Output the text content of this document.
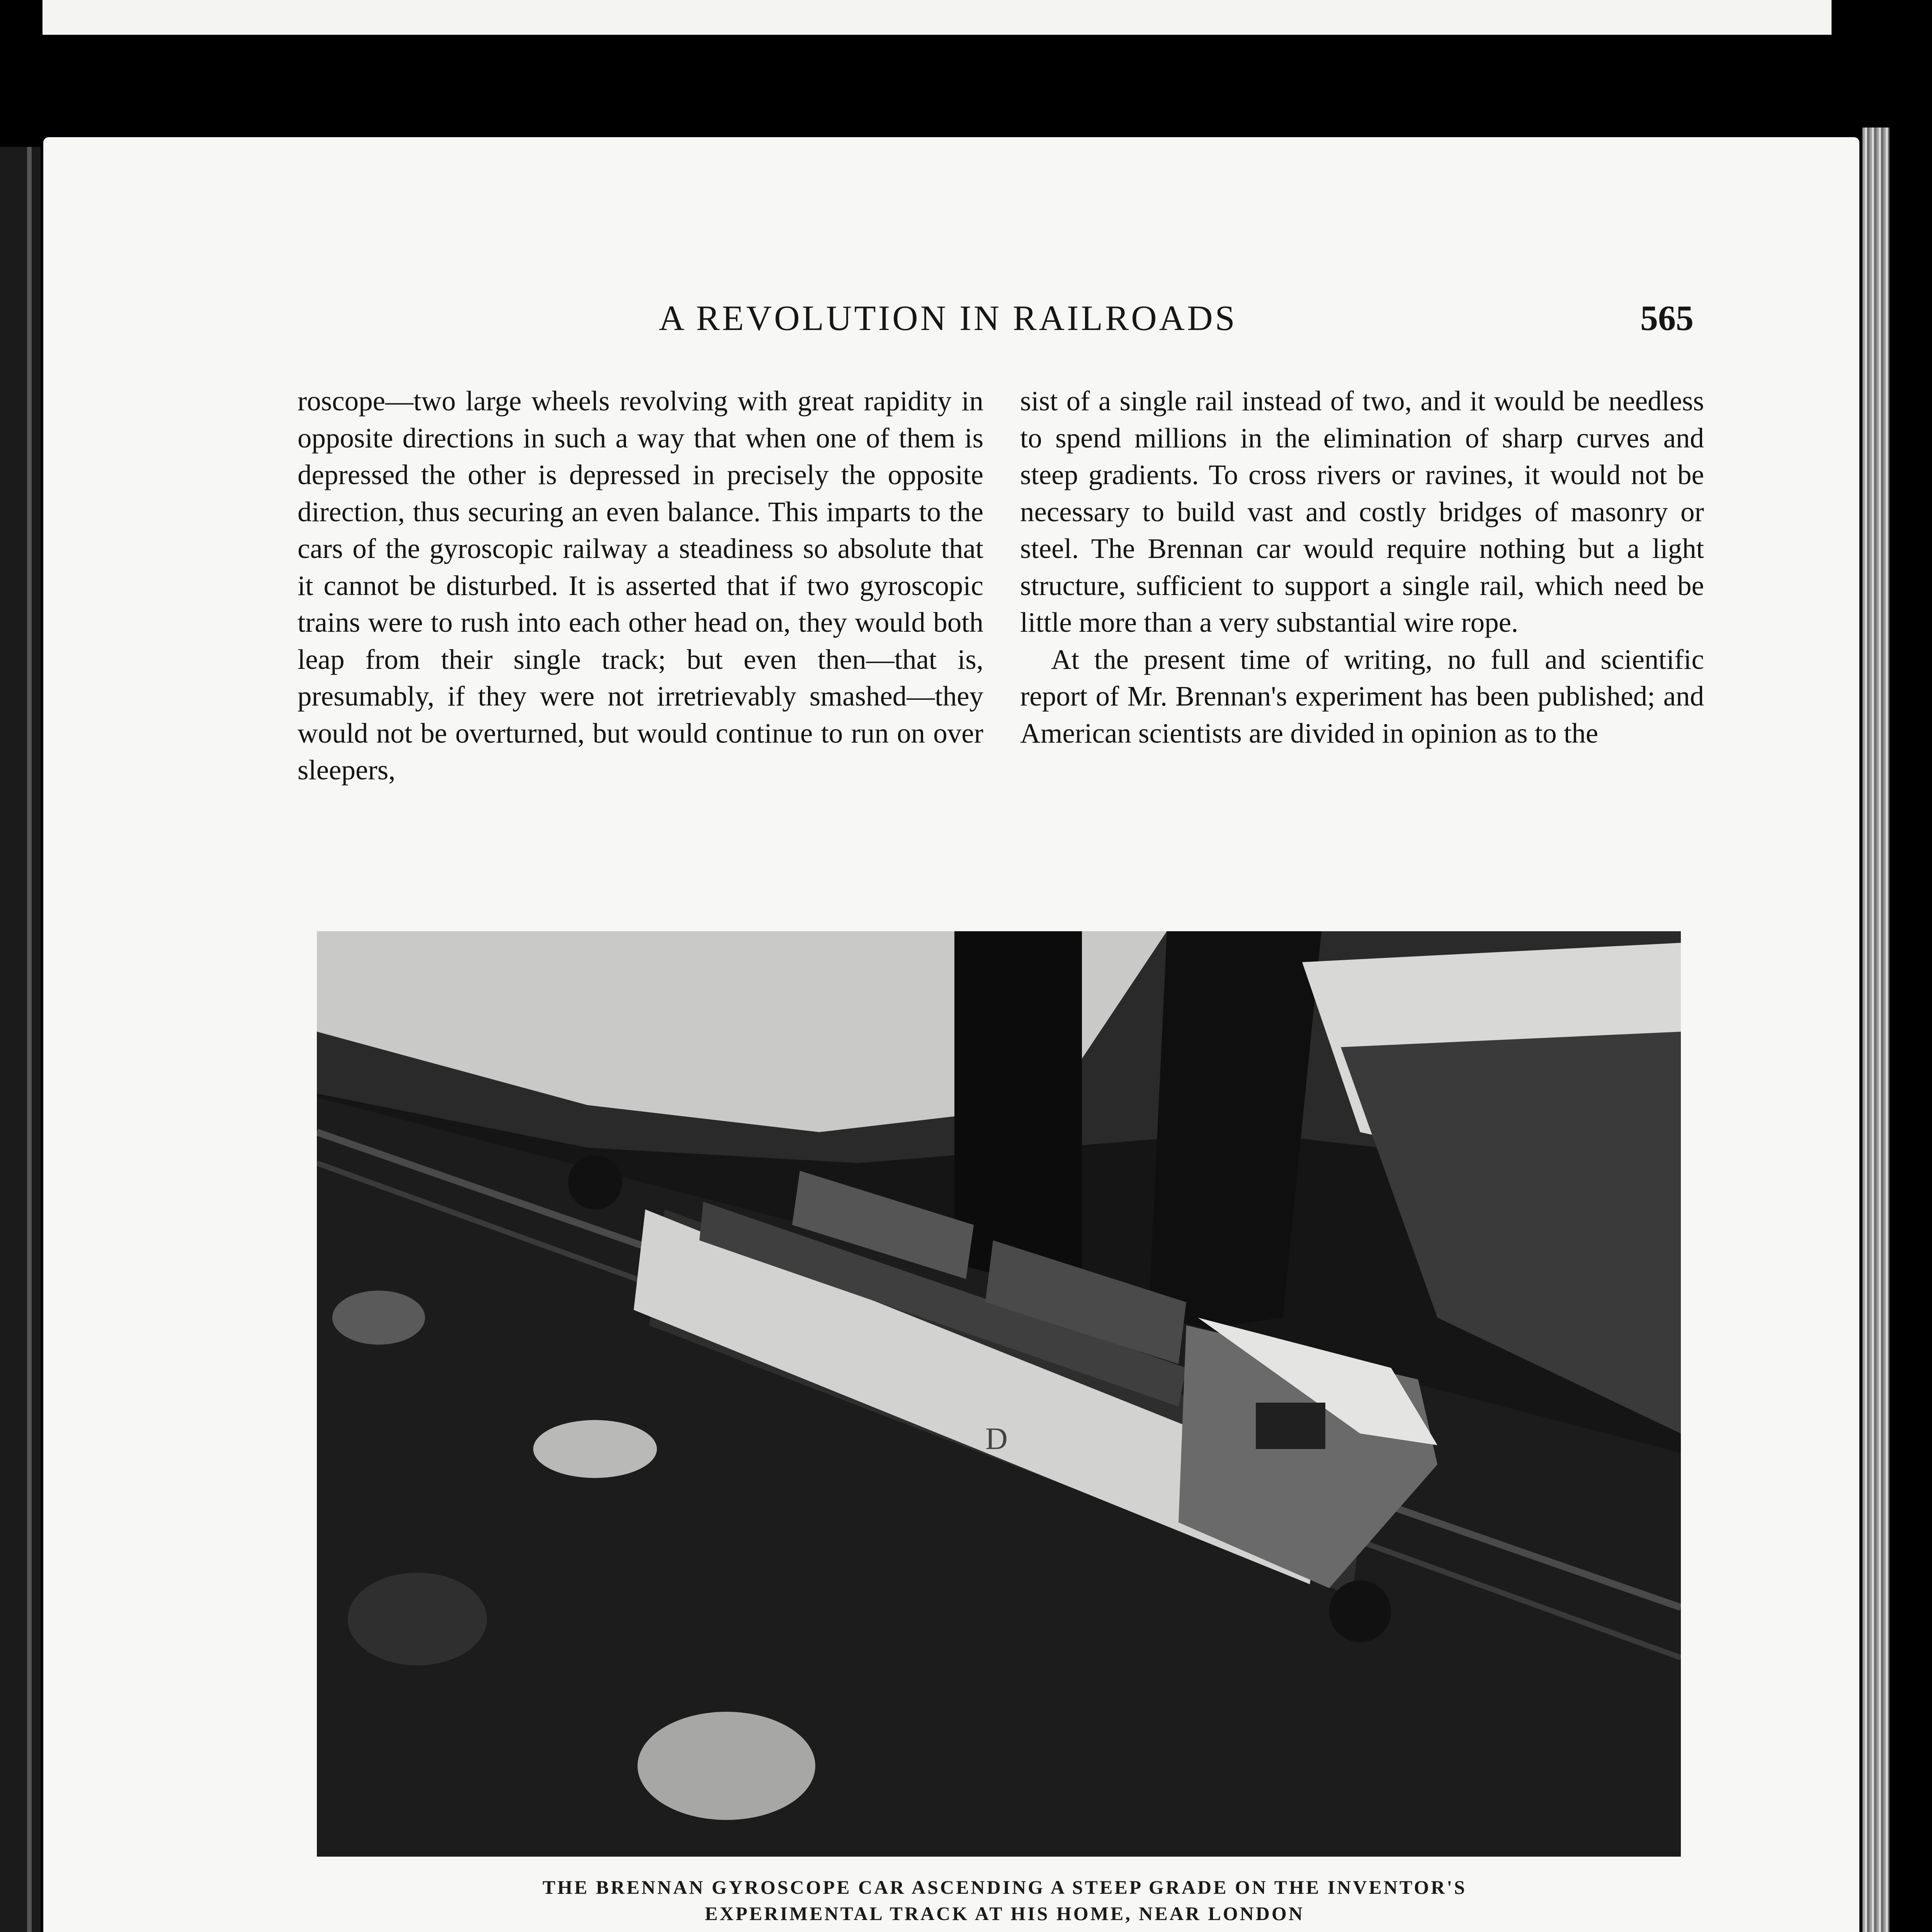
A REVOLUTION IN RAILROADS	565

roscope—two large wheels revolving with great rapidity in opposite directions in such a way that when one of them is depressed the other is depressed in precisely the opposite direction, thus securing an even balance. This imparts to the cars of the gyroscopic railway a steadiness so absolute that it cannot be disturbed. It is asserted that if two gyroscopic trains were to rush into each other head on, they would both leap from their single track; but even then—that is, presumably, if they were not irretrievably smashed—they would not be overturned, but would continue to run on over sleepers,

sist of a single rail instead of two, and it would be needless to spend millions in the elimination of sharp curves and steep gradients. To cross rivers or ravines, it would not be necessary to build vast and costly bridges of masonry or steel. The Brennan car would require nothing but a light structure, sufficient to support a single rail, which need be little more than a very substantial wire rope.

At the present time of writing, no full and scientific report of Mr. Brennan's experiment has been published; and American scientists are divided in opinion as to the

D
THE BRENNAN GYROSCOPE CAR ASCENDING A STEEP GRADE ON THE INVENTOR'S
EXPERIMENTAL TRACK AT HIS HOME, NEAR LONDON
